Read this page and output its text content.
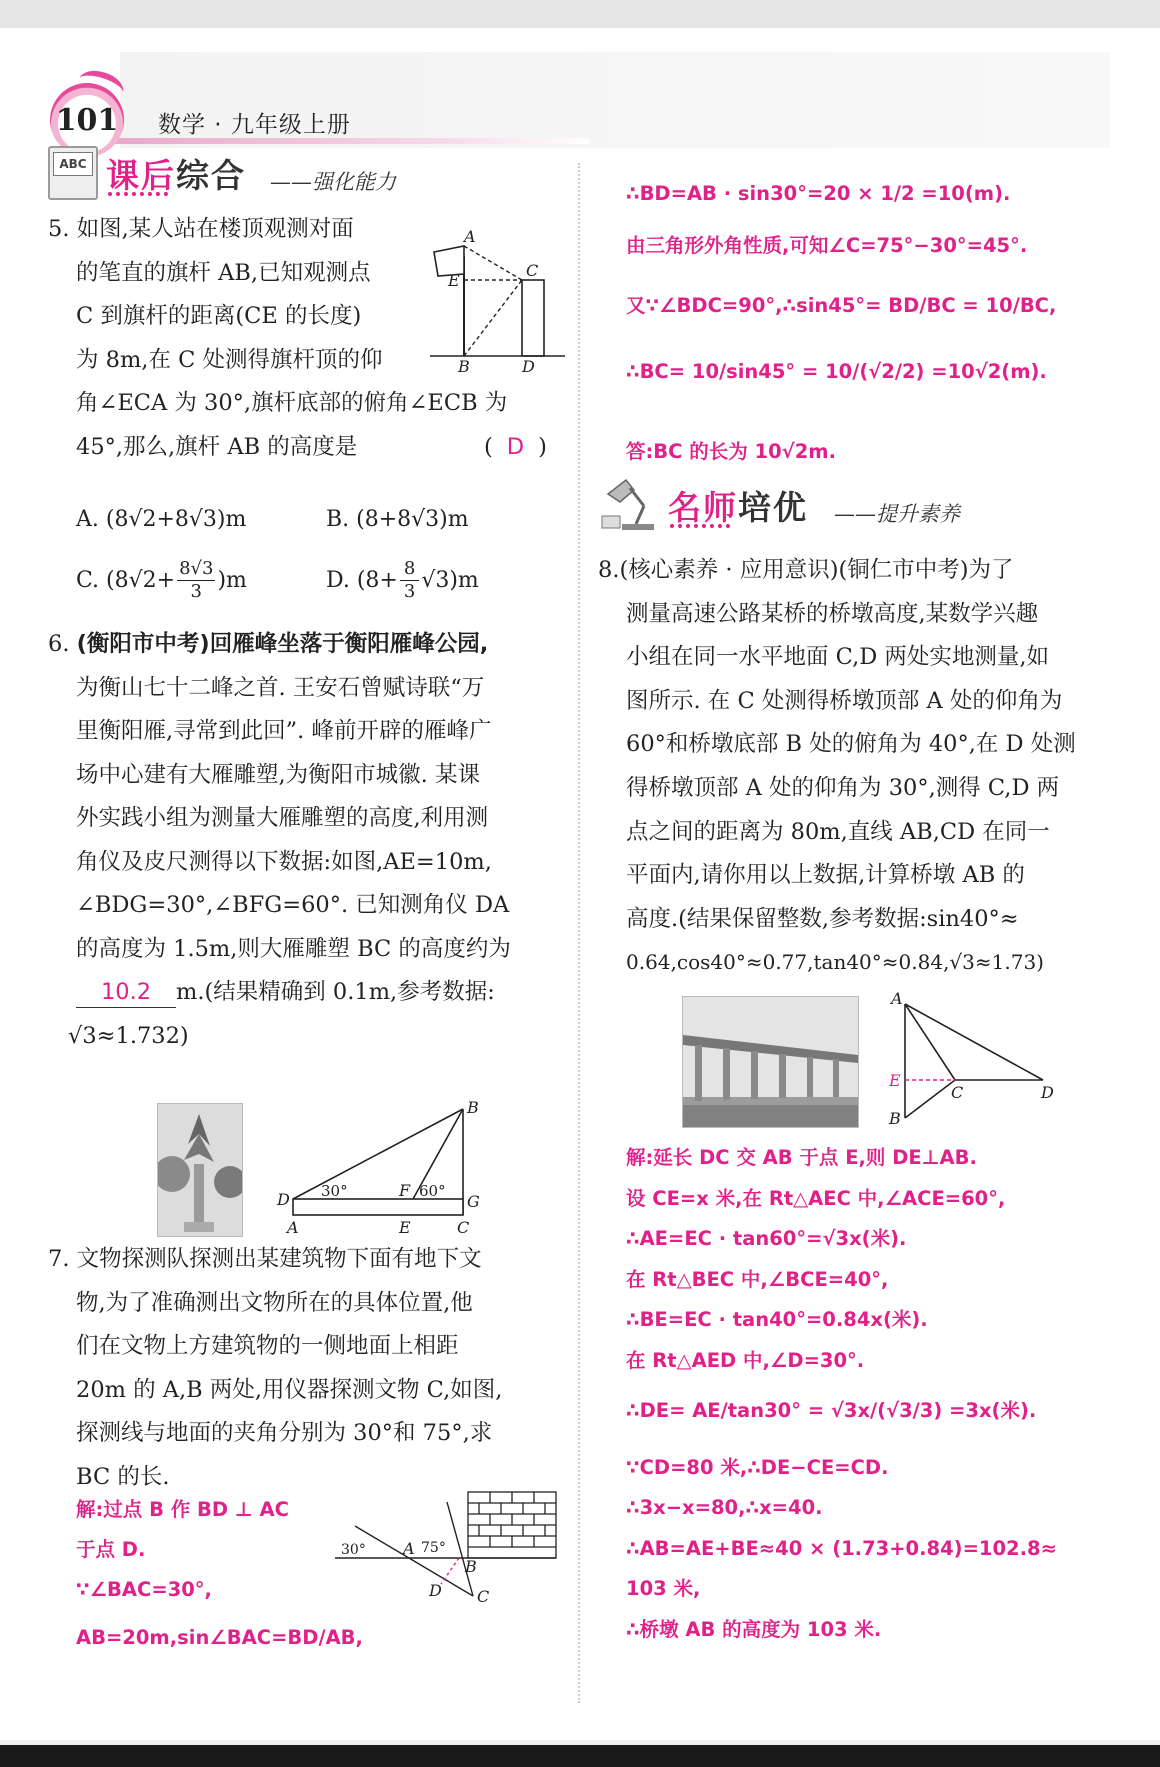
101 数学 · 九年级上册
ABC 课后综合 ——强化能力
5. 如图,某人站在楼顶观测对面
的笔直的旗杆 AB,已知观测点
C 到旗杆的距离(CE 的长度)
为 8m,在 C 处测得旗杆顶的仰
角∠ECA 为 30°,旗杆底部的俯角∠ECB 为
45°,那么,旗杆 AB 的高度是	( D )
A
E
C
B	D
A. (8√2+8√3)m	B. (8+8√3)m
C. $(8√2+ \frac{8√3}{3} )m$	D. $(8+ \frac{8}{3} √3)m$
6. (衡阳市中考)回雁峰坐落于衡阳雁峰公园,
为衡山七十二峰之首. 王安石曾赋诗联“万
里衡阳雁,寻常到此回”. 峰前开辟的雁峰广
场中心建有大雁雕塑,为衡阳市城徽. 某课
外实践小组为测量大雁雕塑的高度,利用测
角仪及皮尺测得以下数据:如图,AE=10m,
∠BDG=30°,∠BFG=60°. 已知测角仪 DA
的高度为 1.5m,则大雁雕塑 BC 的高度约为
10.2 m.(结果精确到 0.1m,参考数据:
√3≈1.732)
B
D 30°	F 60°
G
A	E	C
7. 文物探测队探测出某建筑物下面有地下文
物,为了准确测出文物所在的具体位置,他
们在文物上方建筑物的一侧地面上相距
20m 的 A,B 两处,用仪器探测文物 C,如图,
探测线与地面的夹角分别为 30°和 75°,求
BC 的长.
解:过点 B 作 BD ⊥ AC
于点 D.
∵∠BAC=30°,
AB=20m,sin∠BAC=BD/AB,
30° A 75°
B
D C
∴BD=AB · sin30°=20 × 1/2 =10(m).
由三角形外角性质,可知∠C=75°−30°=45°.
又∵∠BDC=90°,∴sin45°= BD/BC = 10/BC,
∴BC= 10/sin45° = 10/(√2/2) =10√2(m).
答:BC 的长为 10√2m.
名师培优 ——提升素养
8.(核心素养 · 应用意识)(铜仁市中考)为了
测量高速公路某桥的桥墩高度,某数学兴趣
小组在同一水平地面 C,D 两处实地测量,如
图所示. 在 C 处测得桥墩顶部 A 处的仰角为
60°和桥墩底部 B 处的俯角为 40°,在 D 处测
得桥墩顶部 A 处的仰角为 30°,测得 C,D 两
点之间的距离为 80m,直线 AB,CD 在同一
平面内,请你用以上数据,计算桥墩 AB 的
高度.(结果保留整数,参考数据:sin40°≈
0.64,cos40°≈0.77,tan40°≈0.84,√3≈1.73)
A
E
C	D
B
解:延长 DC 交 AB 于点 E,则 DE⊥AB.
设 CE=x 米,在 Rt△AEC 中,∠ACE=60°,
∴AE=EC · tan60°=√3x(米).
在 Rt△BEC 中,∠BCE=40°,
∴BE=EC · tan40°=0.84x(米).
在 Rt△AED 中,∠D=30°.
∴DE= AE/tan30° = √3x/(√3/3) =3x(米).
∵CD=80 米,∴DE−CE=CD.
∴3x−x=80,∴x=40.
∴AB=AE+BE≈40 × (1.73+0.84)=102.8≈
103 米,
∴桥墩 AB 的高度为 103 米.
